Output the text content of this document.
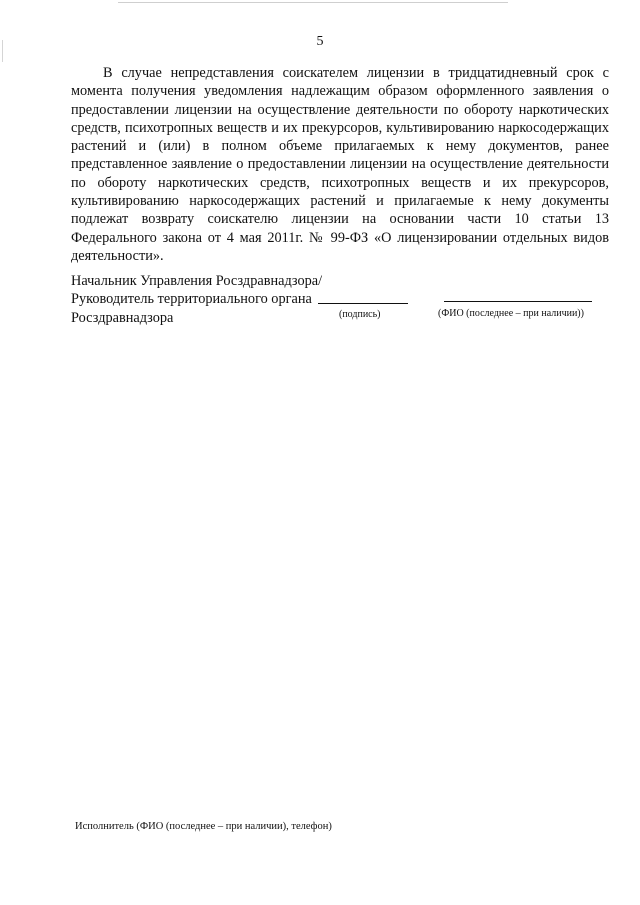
5

В случае непредставления соискателем лицензии в тридцатидневный срок с момента получения уведомления надлежащим образом оформленного заявления о предоставлении лицензии на осуществление деятельности по обороту наркотических средств, психотропных веществ и их прекурсоров, культивированию наркосодержащих растений и (или) в полном объеме прилагаемых к нему документов, ранее представленное заявление о предоставлении лицензии на осуществление деятельности по обороту наркотических средств, психотропных веществ и их прекурсоров, культивированию наркосодержащих растений и прилагаемые к нему документы подлежат возврату соискателю лицензии на основании части 10 статьи 13 Федерального закона от 4 мая 2011г. № 99-ФЗ «О лицензировании отдельных видов деятельности».

Начальник Управления Росздравнадзора/
Руководитель территориального органа
Росздравнадзора	(подпись)	(ФИО (последнее – при наличии))
Исполнитель (ФИО (последнее – при наличии), телефон)
